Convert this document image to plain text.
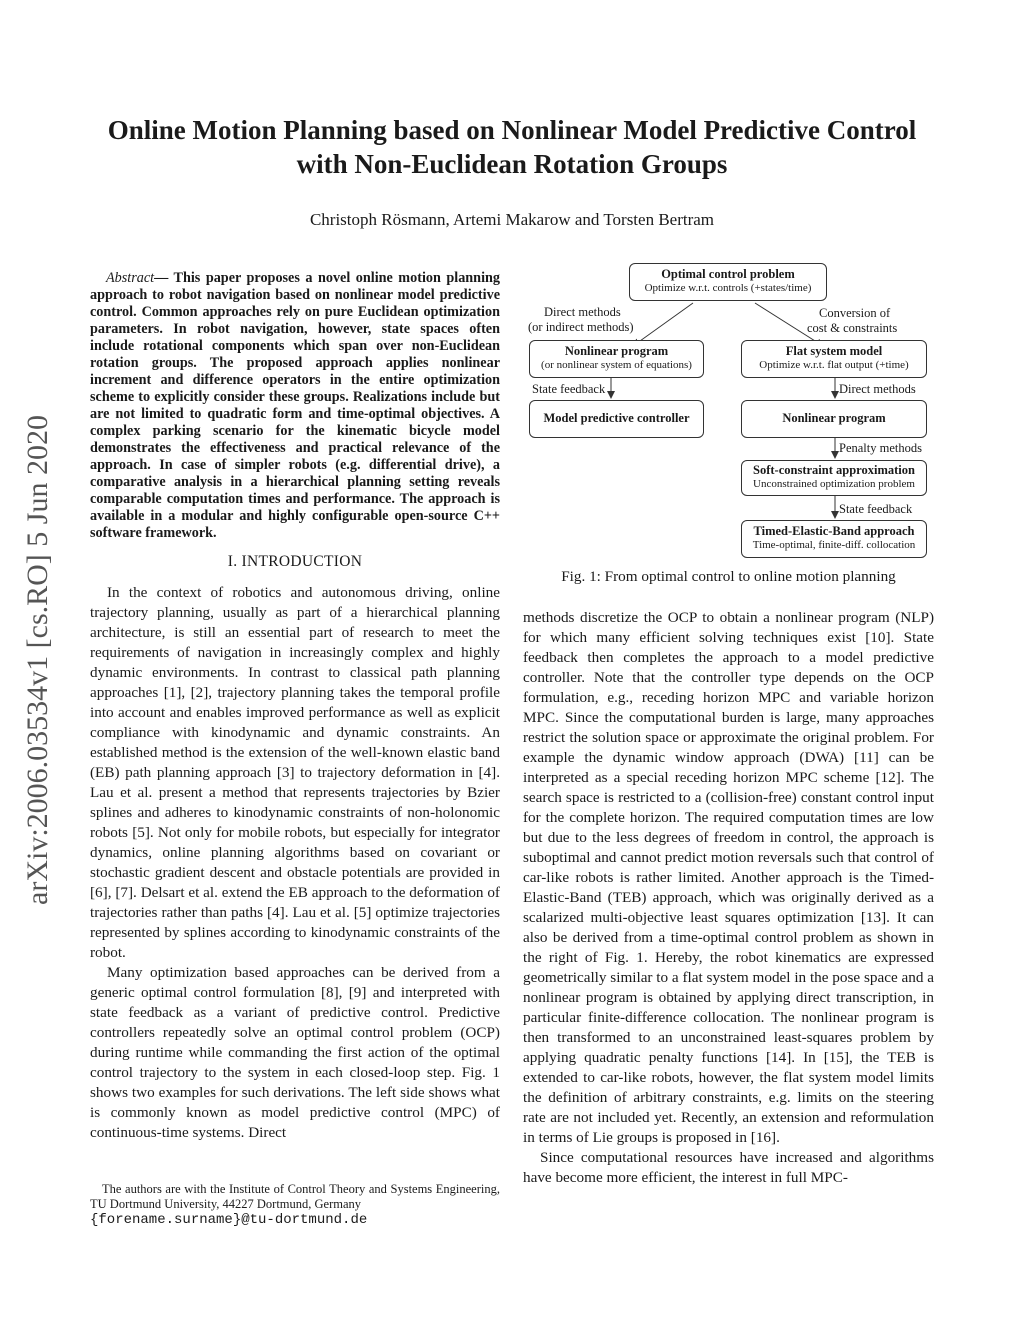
Online Motion Planning based on Nonlinear Model Predictive Control
with Non-Euclidean Rotation Groups
Christoph Rösmann, Artemi Makarow and Torsten Bertram
arXiv:2006.03534v1 [cs.RO] 5 Jun 2020

Abstract— This paper proposes a novel online motion planning approach to robot navigation based on nonlinear model predictive control. Common approaches rely on pure Euclidean optimization parameters. In robot navigation, however, state spaces often include rotational components which span over non-Euclidean rotation groups. The proposed approach applies nonlinear increment and difference operators in the entire optimization scheme to explicitly consider these groups. Realizations include but are not limited to quadratic form and time-optimal objectives. A complex parking scenario for the kinematic bicycle model demonstrates the effectiveness and practical relevance of the approach. In case of simpler robots (e.g. differential drive), a comparative analysis in a hierarchical planning setting reveals comparable computation times and performance. The approach is available in a modular and highly configurable open-source C++ software framework.

I. INTRODUCTION

In the context of robotics and autonomous driving, online trajectory planning, usually as part of a hierarchical planning architecture, is still an essential part of research to meet the requirements of navigation in increasingly complex and highly dynamic environments. In contrast to classical path planning approaches [1], [2], trajectory planning takes the temporal profile into account and enables improved performance as well as explicit compliance with kinodynamic and dynamic constraints. An established method is the extension of the well-known elastic band (EB) path planning approach [3] to trajectory deformation in [4]. Lau et al. present a method that represents trajectories by Bzier splines and adheres to kinodynamic constraints of non-holonomic robots [5]. Not only for mobile robots, but especially for integrator dynamics, online planning algorithms based on covariant or stochastic gradient descent and obstacle potentials are provided in [6], [7]. Delsart et al. extend the EB approach to the deformation of trajectories rather than paths [4]. Lau et al. [5] optimize trajectories represented by splines according to kinodynamic constraints of the robot.

Many optimization based approaches can be derived from a generic optimal control formulation [8], [9] and interpreted with state feedback as a variant of predictive control. Predictive controllers repeatedly solve an optimal control problem (OCP) during runtime while commanding the first action of the optimal control trajectory to the system in each closed-loop step. Fig. 1 shows two examples for such derivations. The left side shows what is commonly known as model predictive control (MPC) of continuous-time systems. Direct

The authors are with the Institute of Control Theory and Systems Engineering, TU Dortmund University, 44227 Dortmund, Germany
{forename.surname}@tu-dortmund.de
Optimal control problem
Optimize w.r.t. controls (+states/time)
Direct methods
(or indirect methods)
Conversion of
cost & constraints
Nonlinear program
(or nonlinear system of equations)
Flat system model
Optimize w.r.t. flat output (+time)
State feedback	Direct methods
Model predictive controller	Nonlinear program
Penalty methods
Soft-constraint approximation
Unconstrained optimization problem
State feedback
Timed-Elastic-Band approach
Time-optimal, finite-diff. collocation
Fig. 1: From optimal control to online motion planning

methods discretize the OCP to obtain a nonlinear program (NLP) for which many efficient solving techniques exist [10]. State feedback then completes the approach to a model predictive controller. Note that the controller type depends on the OCP formulation, e.g., receding horizon MPC and variable horizon MPC. Since the computational burden is large, many approaches restrict the solution space or approximate the original problem. For example the dynamic window approach (DWA) [11] can be interpreted as a special receding horizon MPC scheme [12]. The search space is restricted to a (collision-free) constant control input for the complete horizon. The required computation times are low but due to the less degrees of freedom in control, the approach is suboptimal and cannot predict motion reversals such that control of car-like robots is rather limited. Another approach is the Timed-Elastic-Band (TEB) approach, which was originally derived as a scalarized multi-objective least squares optimization [13]. It can also be derived from a time-optimal control problem as shown in the right of Fig. 1. Hereby, the robot kinematics are expressed geometrically similar to a flat system model in the pose space and a nonlinear program is obtained by applying direct transcription, in particular finite-difference collocation. The nonlinear program is then transformed to an unconstrained least-squares problem by applying quadratic penalty functions [14]. In [15], the TEB is extended to car-like robots, however, the flat system model limits the definition of arbitrary constraints, e.g. limits on the steering rate are not included yet. Recently, an extension and reformulation in terms of Lie groups is proposed in [16].

Since computational resources have increased and algorithms have become more efficient, the interest in full MPC-
